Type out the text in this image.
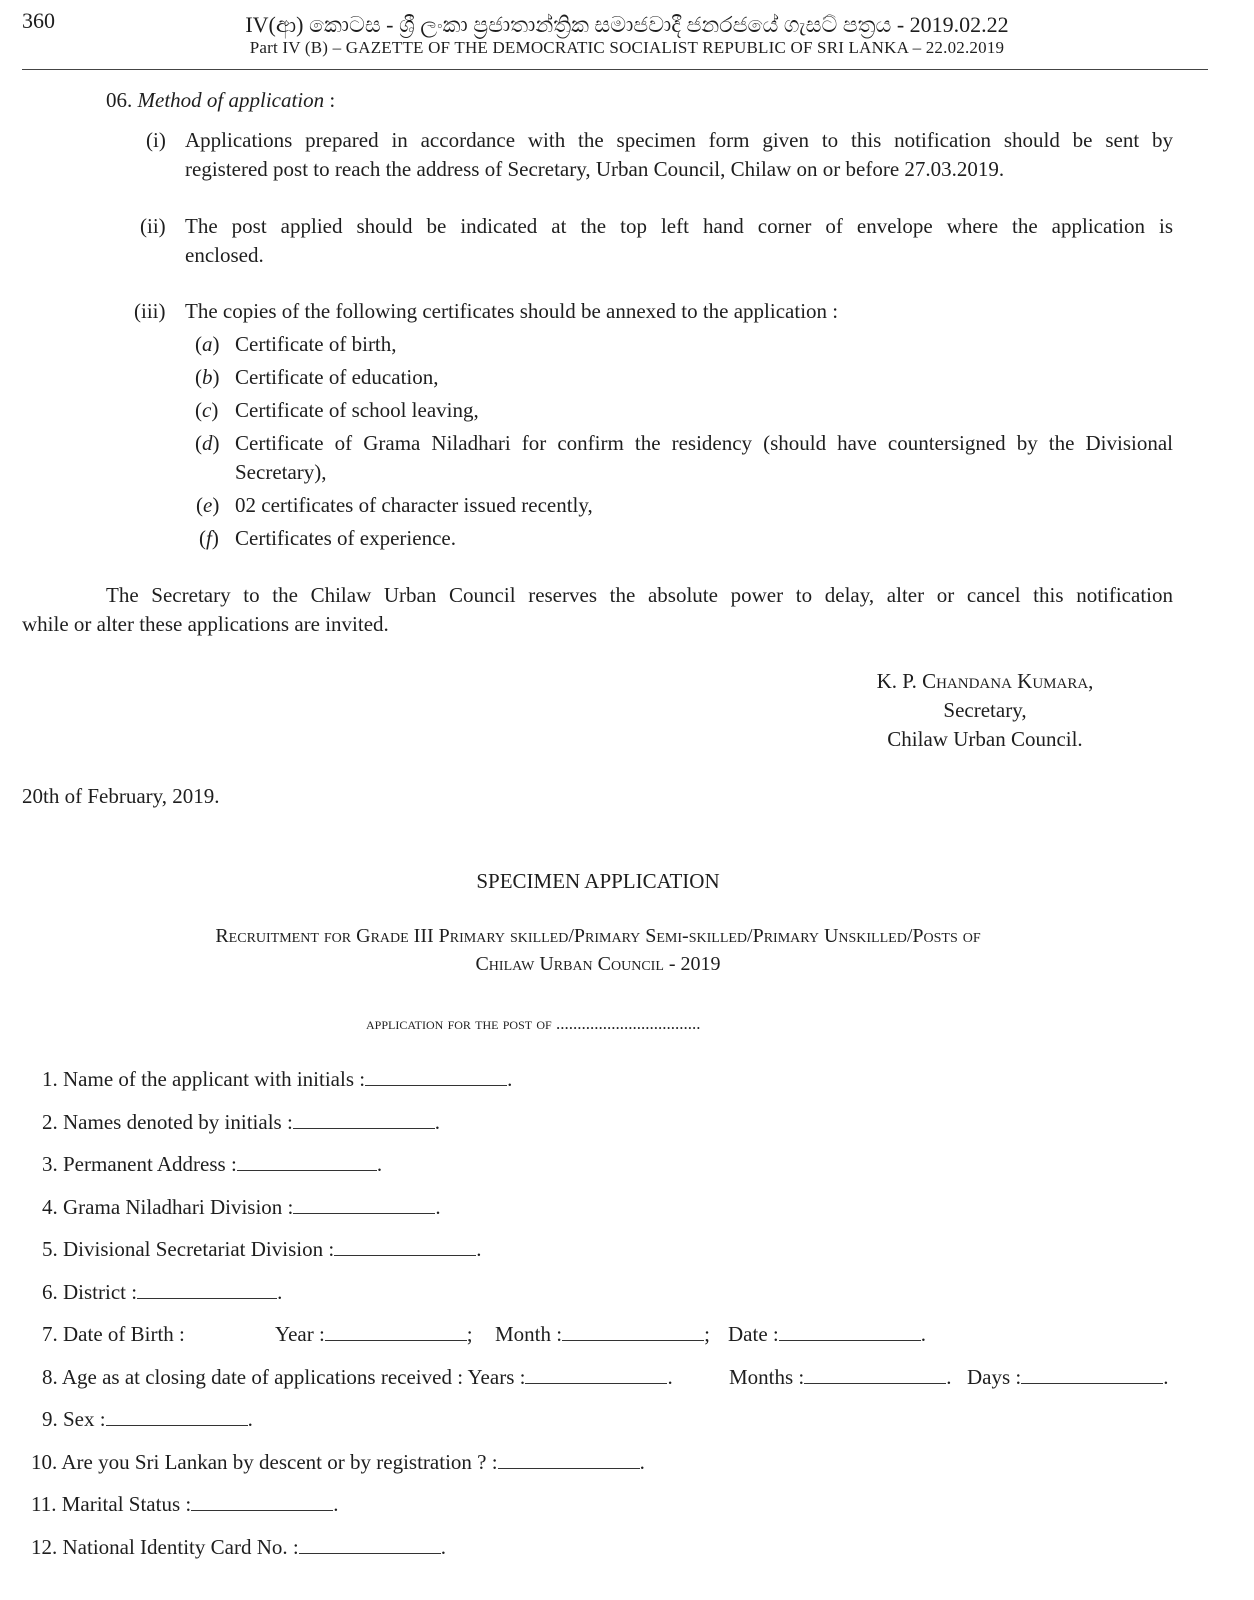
360	IV(ආ) කොටස - ශ්‍රී ලංකා ප්‍රජාතාන්ත්‍රික සමාජවාදී ජනරජයේ ගැසට් පත්‍රය - 2019.02.22
Part IV (B) – GAZETTE OF THE DEMOCRATIC SOCIALIST REPUBLIC OF SRI LANKA – 22.02.2019
06. Method of application :
(i) Applications prepared in accordance with the specimen form given to this notification should be sent by
registered post to reach the address of Secretary, Urban Council, Chilaw on or before 27.03.2019.
(ii) The post applied should be indicated at the top left hand corner of envelope where the application is
enclosed.
(iii) The copies of the following certificates should be annexed to the application :
(a) Certificate of birth,
(b) Certificate of education,
(c) Certificate of school leaving,
(d) Certificate of Grama Niladhari for confirm the residency (should have countersigned by the Divisional
Secretary),
(e) 02 certificates of character issued recently,
(f) Certificates of experience.
The Secretary to the Chilaw Urban Council reserves the absolute power to delay, alter or cancel this notification
while or alter these applications are invited.
K. P. Chandana Kumara,
Secretary,
Chilaw Urban Council.
20th of February, 2019.
SPECIMEN APPLICATION
Recruitment for Grade III Primary skilled/Primary Semi-skilled/Primary Unskilled/Posts of
Chilaw Urban Council - 2019
application for the post of ..................................
1. Name of the applicant with initials :	.
2. Names denoted by initials :	.
3. Permanent Address :	.
4. Grama Niladhari Division :	.
5. Divisional Secretariat Division :	.
6. District :	.
7. Date of Birth :	Year :	; Month :	; Date :	.
8. Age as at closing date of applications received : Years :	.	Months :	. Days :	.
9. Sex :	.
10. Are you Sri Lankan by descent or by registration ? :	.
11. Marital Status :	.
12. National Identity Card No. :	.
